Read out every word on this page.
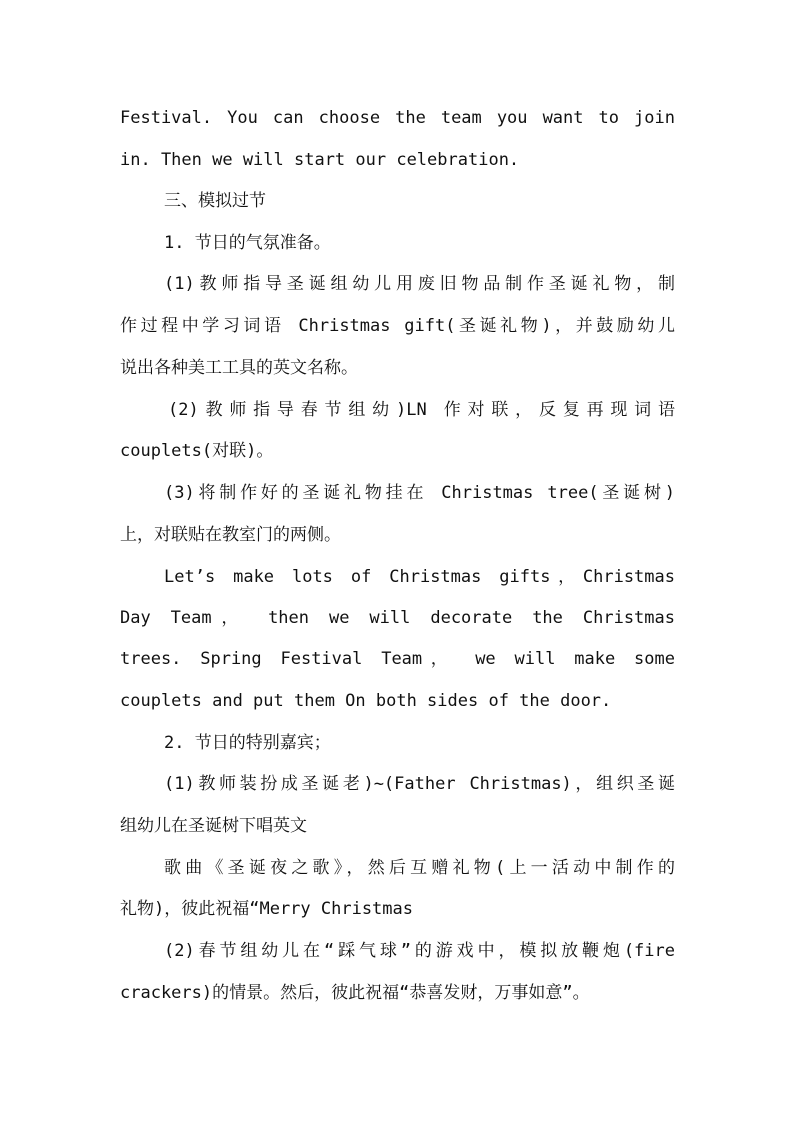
Festival. You can choose the team you want to join
in. Then we will start our celebration.
三、模拟过节
1. 节日的气氛准备。
(1)教师指导圣诞组幼儿用废旧物品制作圣诞礼物，制
作过程中学习词语 Christmas gift(圣诞礼物)，并鼓励幼儿
说出各种美工工具的英文名称。
(2)教师指导春节组幼)LN 作对联，反复再现词语
couplets(对联)。
(3)将制作好的圣诞礼物挂在 Christmas tree(圣诞树)
上，对联贴在教室门的两侧。
Let’s make lots of Christmas gifts，Christmas
Day Team， then we will decorate the Christmas
trees. Spring Festival Team， we will make some
couplets and put them On both sides of the door.
2. 节日的特别嘉宾；
(1)教师装扮成圣诞老)~(Father Christmas)，组织圣诞
组幼儿在圣诞树下唱英文
歌曲《圣诞夜之歌》，然后互赠礼物(上一活动中制作的
礼物)，彼此祝福“Merry Christmas
(2)春节组幼儿在“踩气球”的游戏中，模拟放鞭炮(fire
crackers)的情景。然后，彼此祝福“恭喜发财，万事如意”。
